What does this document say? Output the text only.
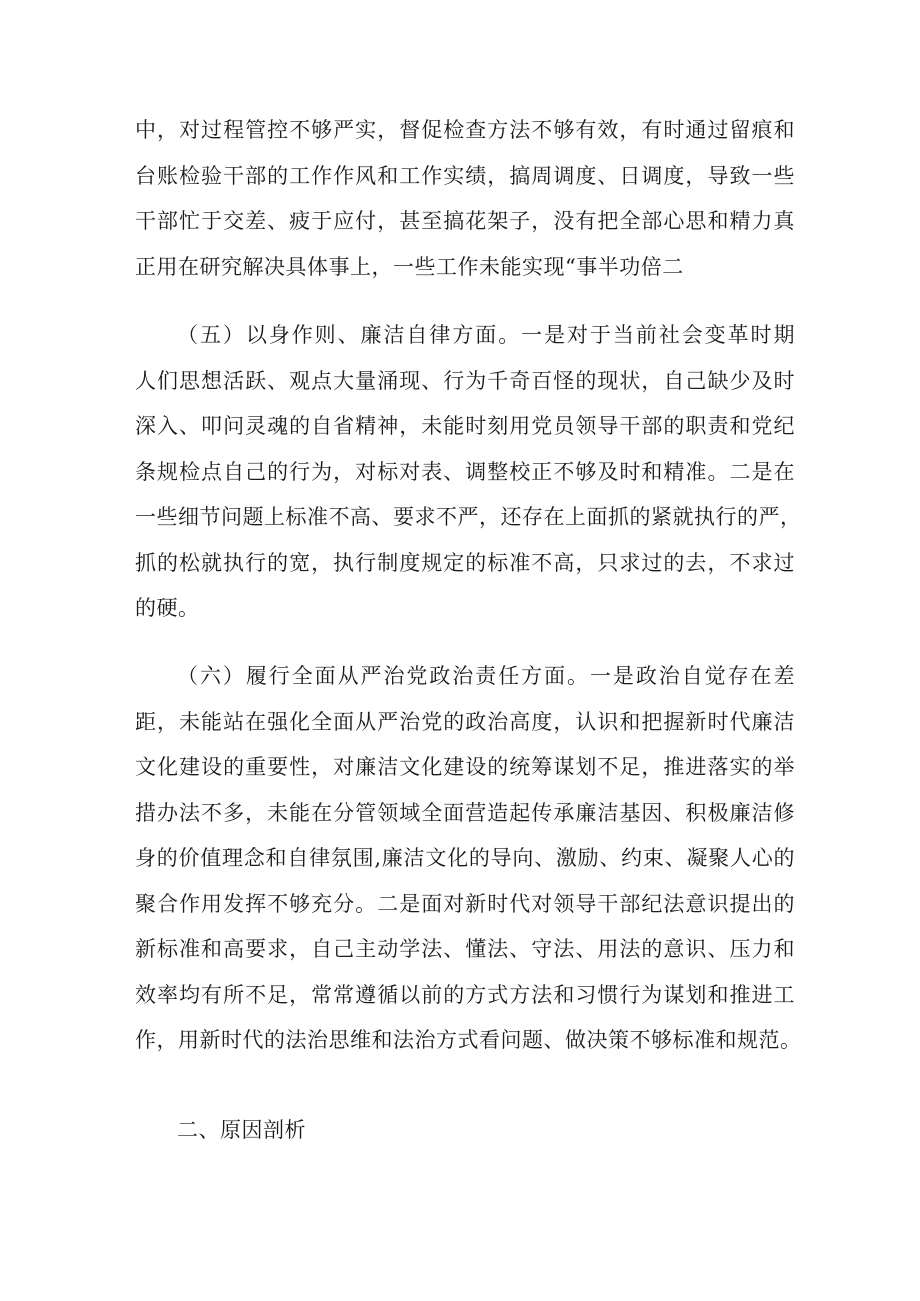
中，对过程管控不够严实，督促检查方法不够有效，有时通过留痕和
台账检验干部的工作作风和工作实绩，搞周调度、日调度，导致一些
干部忙于交差、疲于应付，甚至搞花架子，没有把全部心思和精力真
正用在研究解决具体事上，一些工作未能实现“事半功倍二
（五）以身作则、廉洁自律方面。一是对于当前社会变革时期
人们思想活跃、观点大量涌现、行为千奇百怪的现状，自己缺少及时
深入、叩问灵魂的自省精神，未能时刻用党员领导干部的职责和党纪
条规检点自己的行为，对标对表、调整校正不够及时和精准。二是在
一些细节问题上标准不高、要求不严，还存在上面抓的紧就执行的严，
抓的松就执行的宽，执行制度规定的标准不高，只求过的去，不求过
的硬。
（六）履行全面从严治党政治责任方面。一是政治自觉存在差
距，未能站在强化全面从严治党的政治高度，认识和把握新时代廉洁
文化建设的重要性，对廉洁文化建设的统筹谋划不足，推进落实的举
措办法不多，未能在分管领域全面营造起传承廉洁基因、积极廉洁修
身的价值理念和自律氛围,廉洁文化的导向、激励、约束、凝聚人心的
聚合作用发挥不够充分。二是面对新时代对领导干部纪法意识提出的
新标准和高要求，自己主动学法、懂法、守法、用法的意识、压力和
效率均有所不足，常常遵循以前的方式方法和习惯行为谋划和推进工
作，用新时代的法治思维和法治方式看问题、做决策不够标准和规范。
二、原因剖析
